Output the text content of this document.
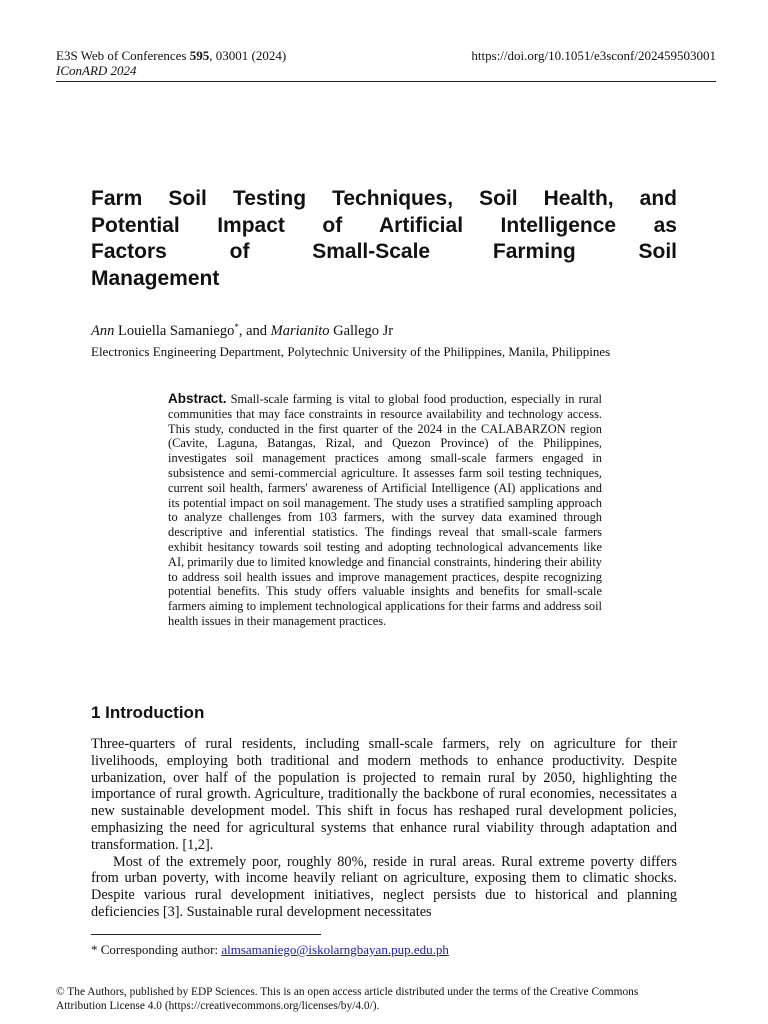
E3S Web of Conferences 595, 03001 (2024)	https://doi.org/10.1051/e3sconf/202459503001
IConARD 2024
Farm Soil Testing Techniques, Soil Health, and
Potential Impact of Artificial Intelligence as
Factors of Small-Scale Farming Soil

Management
Ann Louiella Samaniego*, and Marianito Gallego Jr
Electronics Engineering Department, Polytechnic University of the Philippines, Manila, Philippines
Abstract. Small-scale farming is vital to global food production, especially in rural communities that may face constraints in resource availability and technology access. This study, conducted in the first quarter of the 2024 in the CALABARZON region (Cavite, Laguna, Batangas, Rizal, and Quezon Province) of the Philippines, investigates soil management practices among small-scale farmers engaged in subsistence and semi-commercial agriculture. It assesses farm soil testing techniques, current soil health, farmers' awareness of Artificial Intelligence (AI) applications and its potential impact on soil management. The study uses a stratified sampling approach to analyze challenges from 103 farmers, with the survey data examined through descriptive and inferential statistics. The findings reveal that small-scale farmers exhibit hesitancy towards soil testing and adopting technological advancements like AI, primarily due to limited knowledge and financial constraints, hindering their ability to address soil health issues and improve management practices, despite recognizing potential benefits. This study offers valuable insights and benefits for small-scale farmers aiming to implement technological applications for their farms and address soil health issues in their management practices.
1 Introduction

Three-quarters of rural residents, including small-scale farmers, rely on agriculture for their livelihoods, employing both traditional and modern methods to enhance productivity. Despite urbanization, over half of the population is projected to remain rural by 2050, highlighting the importance of rural growth. Agriculture, traditionally the backbone of rural economies, necessitates a new sustainable development model. This shift in focus has reshaped rural development policies, emphasizing the need for agricultural systems that enhance rural viability through adaptation and transformation. [1,2].

Most of the extremely poor, roughly 80%, reside in rural areas. Rural extreme poverty differs from urban poverty, with income heavily reliant on agriculture, exposing them to climatic shocks. Despite various rural development initiatives, neglect persists due to historical and planning deficiencies [3]. Sustainable rural development necessitates

* Corresponding author: almsamaniego@iskolarngbayan.pup.edu.ph
© The Authors, published by EDP Sciences. This is an open access article distributed under the terms of the Creative Commons
Attribution License 4.0 (https://creativecommons.org/licenses/by/4.0/).
